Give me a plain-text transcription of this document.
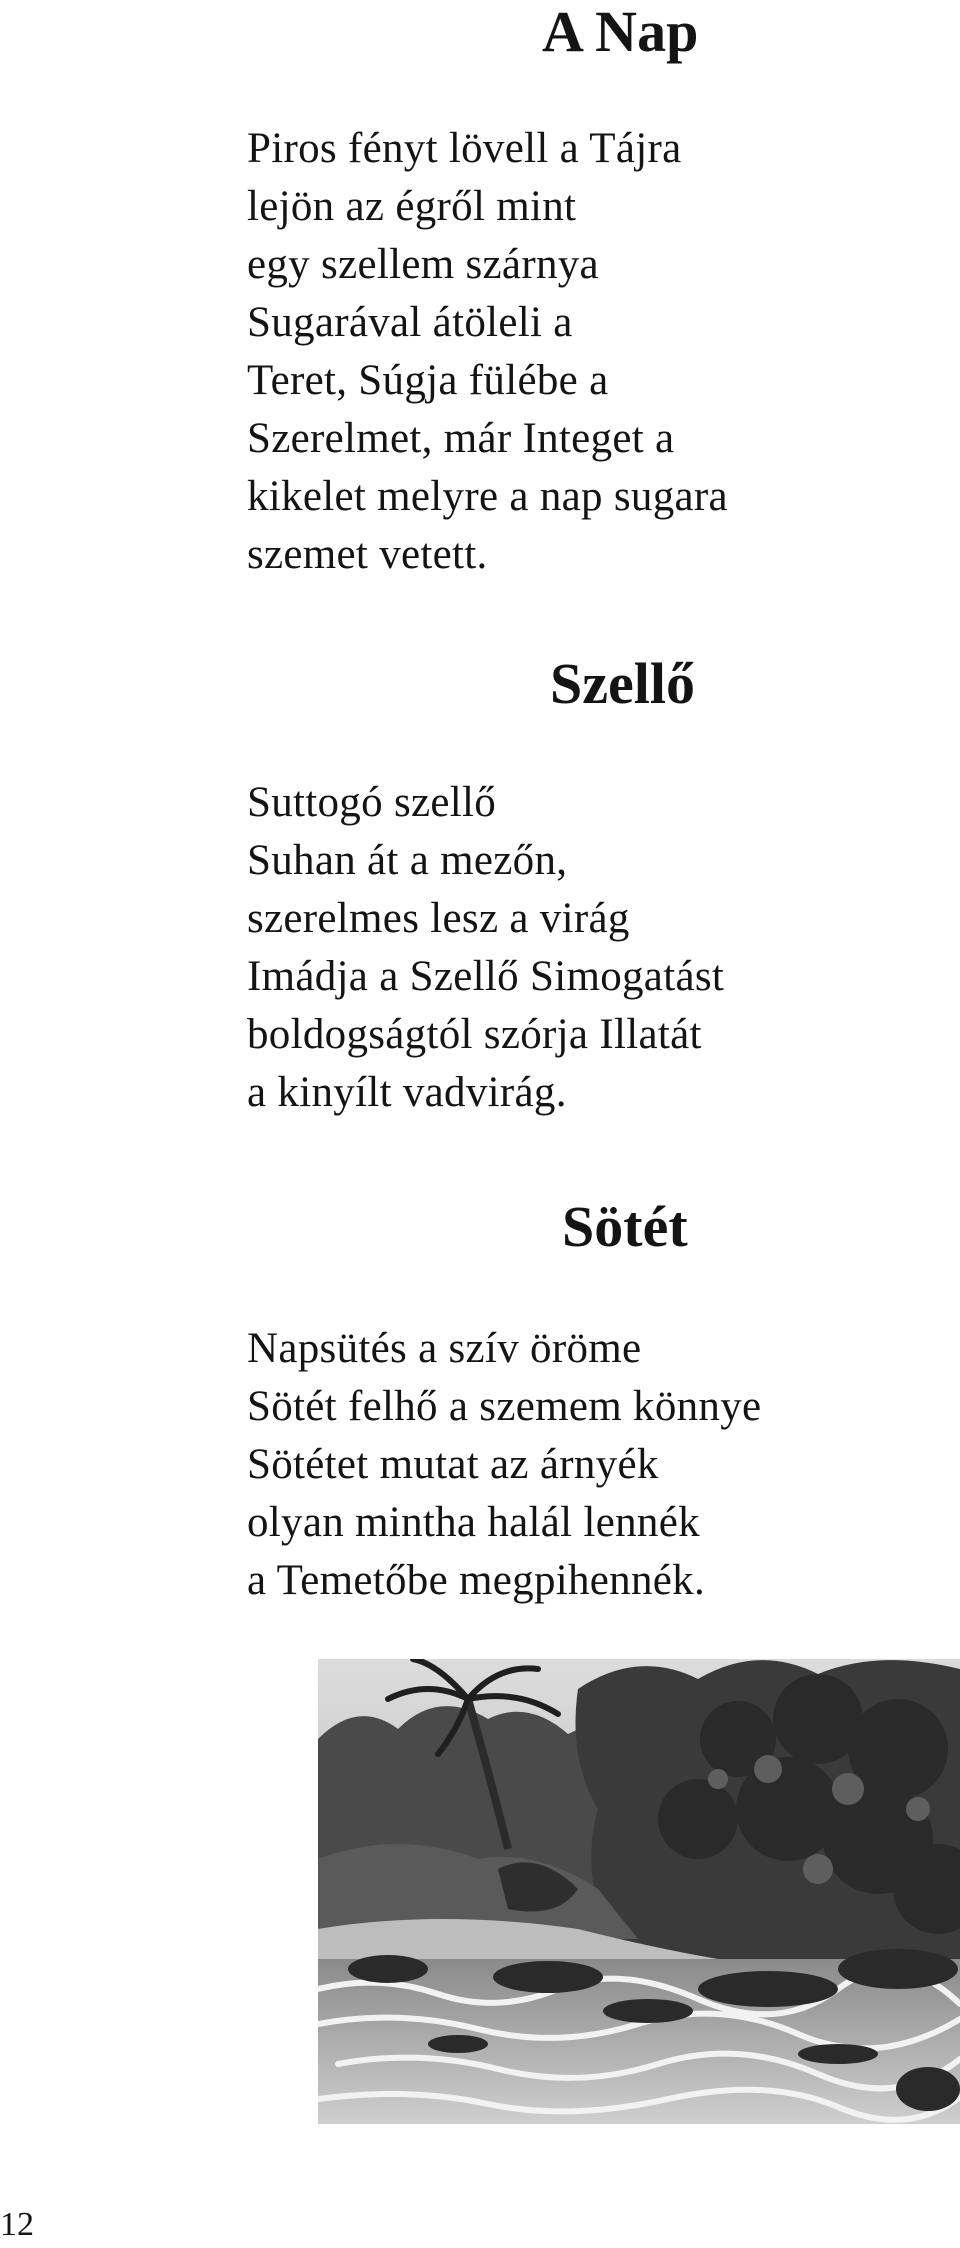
A Nap
Piros fényt lövell a Tájra
lejön az égről mint
egy szellem szárnya
Sugarával átöleli a
Teret, Súgja fülébe a
Szerelmet, már Integet a
kikelet melyre a nap sugara
szemet vetett.
Szellő
Suttogó szellő
Suhan át a mezőn,
szerelmes lesz a virág
Imádja a Szellő Simogatást
boldogságtól szórja Illatát
a kinyílt vadvirág.
Sötét
Napsütés a szív öröme
Sötét felhő a szemem könnye
Sötétet mutat az árnyék
olyan mintha halál lennék
a Temetőbe megpihennék.
12
